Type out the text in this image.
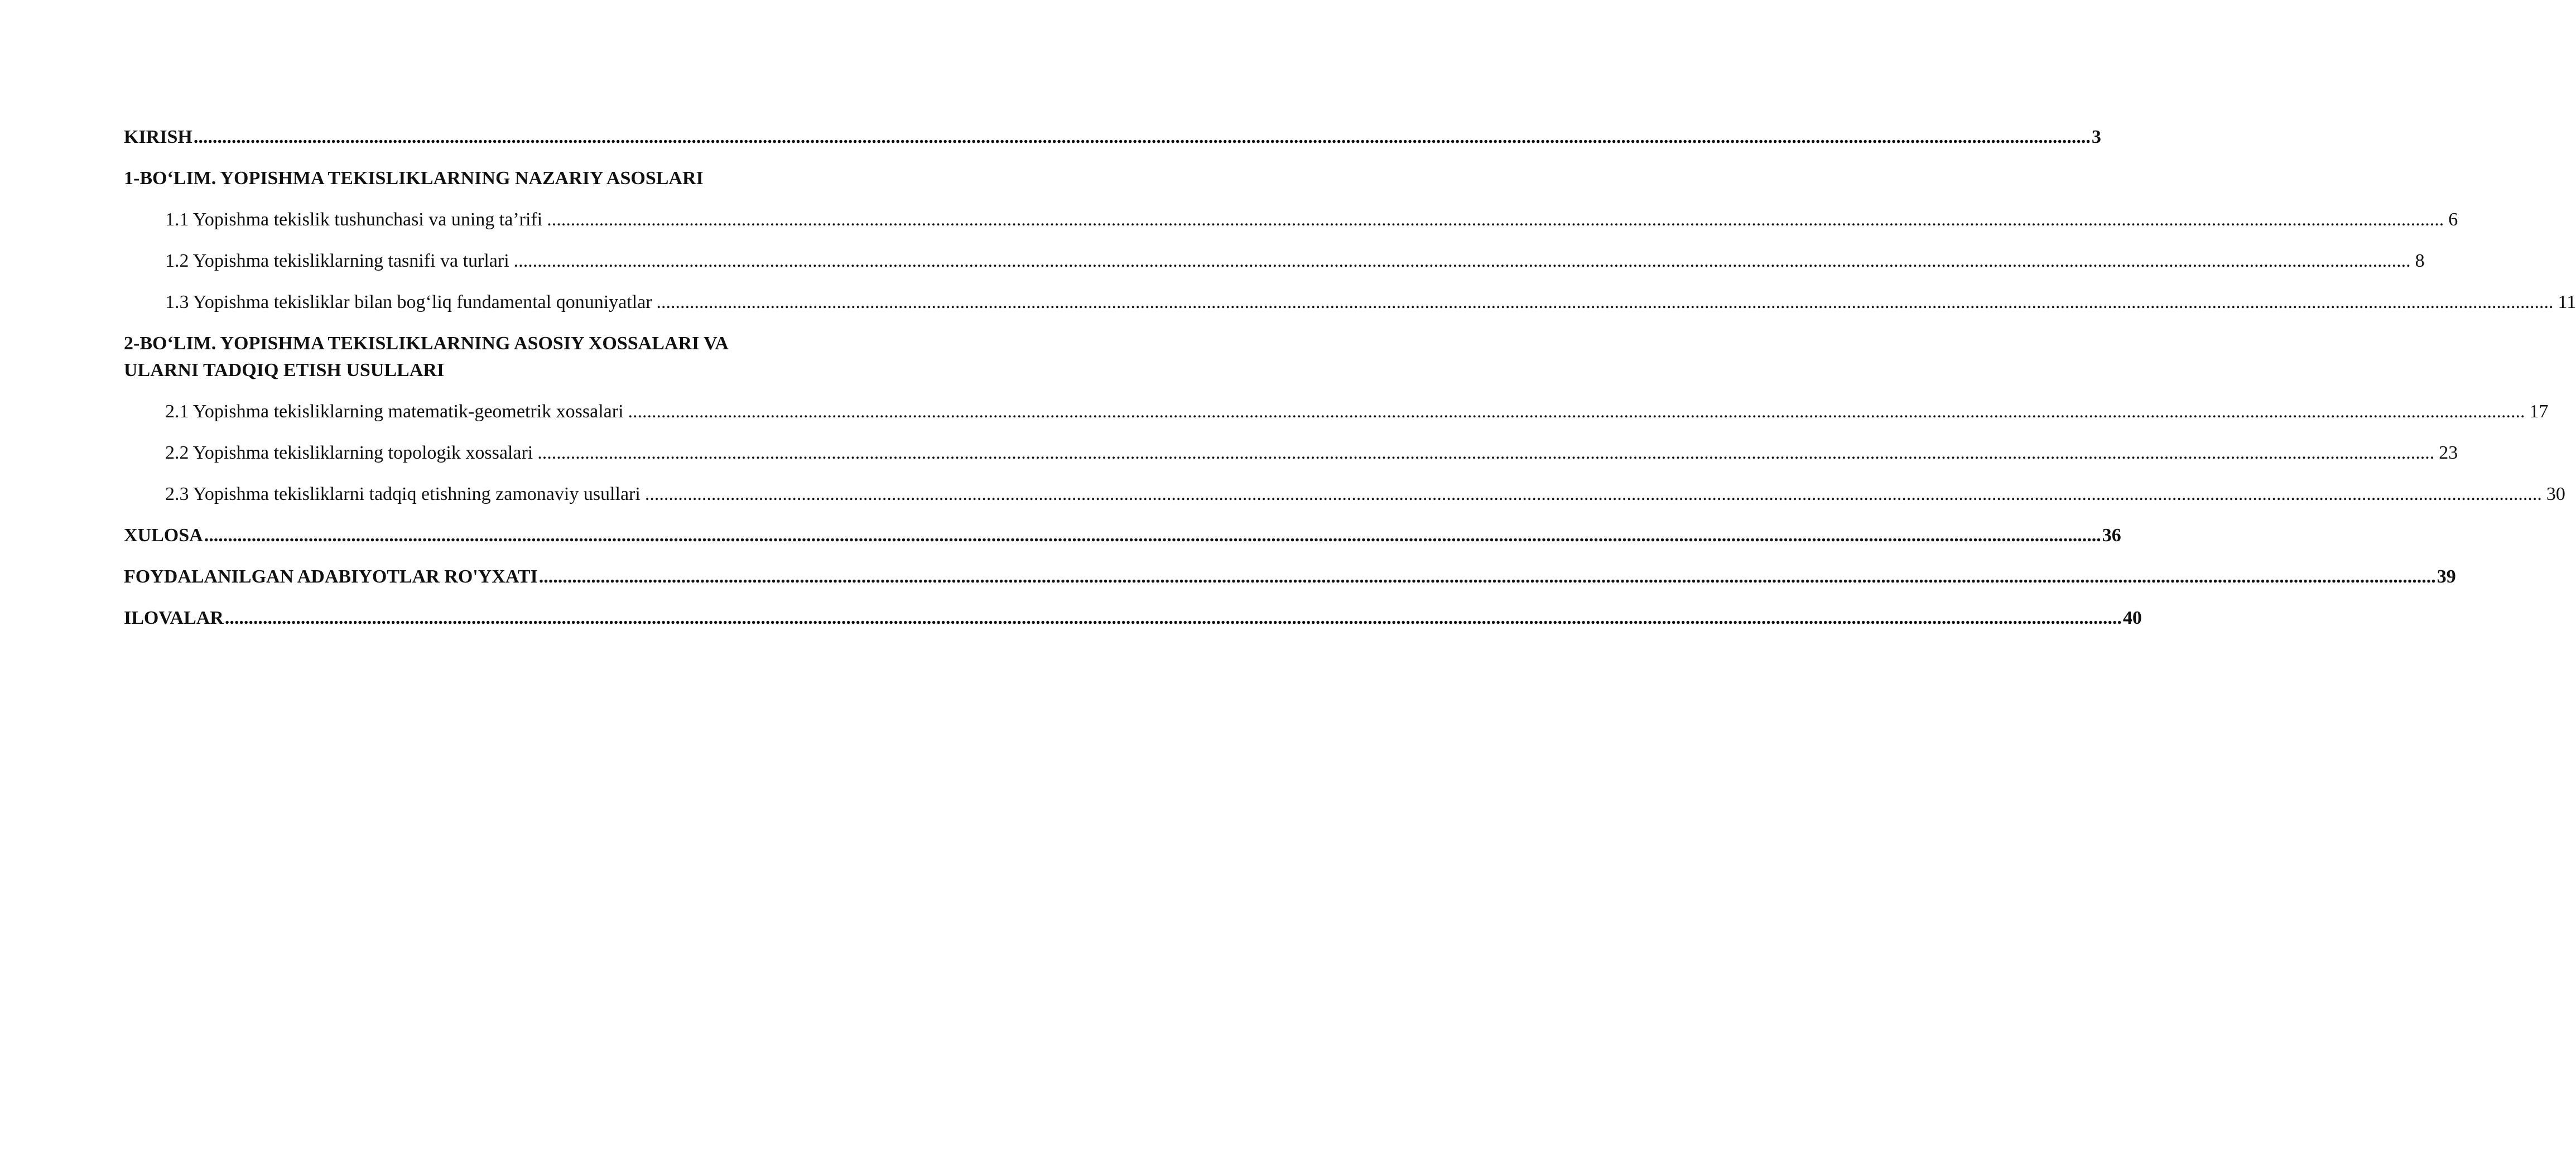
KIRISH ................................................................................................................................................................................................................................................................................................................................................................................................................ 3
1-BO‘LIM. YOPISHMA TEKISLIKLARNING NAZARIY ASOSLARI
1.1 Yopishma tekislik tushunchasi va uning ta’rifi ................................................................................................................................................................................................................................................................................................................................................................................................................ 6
1.2 Yopishma tekisliklarning tasnifi va turlari ................................................................................................................................................................................................................................................................................................................................................................................................................ 8
1.3 Yopishma tekisliklar bilan bog‘liq fundamental qonuniyatlar ................................................................................................................................................................................................................................................................................................................................................................................................................ 11
2-BO‘LIM. YOPISHMA TEKISLIKLARNING ASOSIY XOSSALARI VA
ULARNI TADQIQ ETISH USULLARI
2.1 Yopishma tekisliklarning matematik-geometrik xossalari ................................................................................................................................................................................................................................................................................................................................................................................................................ 17
2.2 Yopishma tekisliklarning topologik xossalari ................................................................................................................................................................................................................................................................................................................................................................................................................ 23
2.3 Yopishma tekisliklarni tadqiq etishning zamonaviy usullari ................................................................................................................................................................................................................................................................................................................................................................................................................ 30
XULOSA ................................................................................................................................................................................................................................................................................................................................................................................................................ 36
FOYDALANILGAN ADABIYOTLAR RO'YXATI ................................................................................................................................................................................................................................................................................................................................................................................................................ 39
ILOVALAR ................................................................................................................................................................................................................................................................................................................................................................................................................ 40
